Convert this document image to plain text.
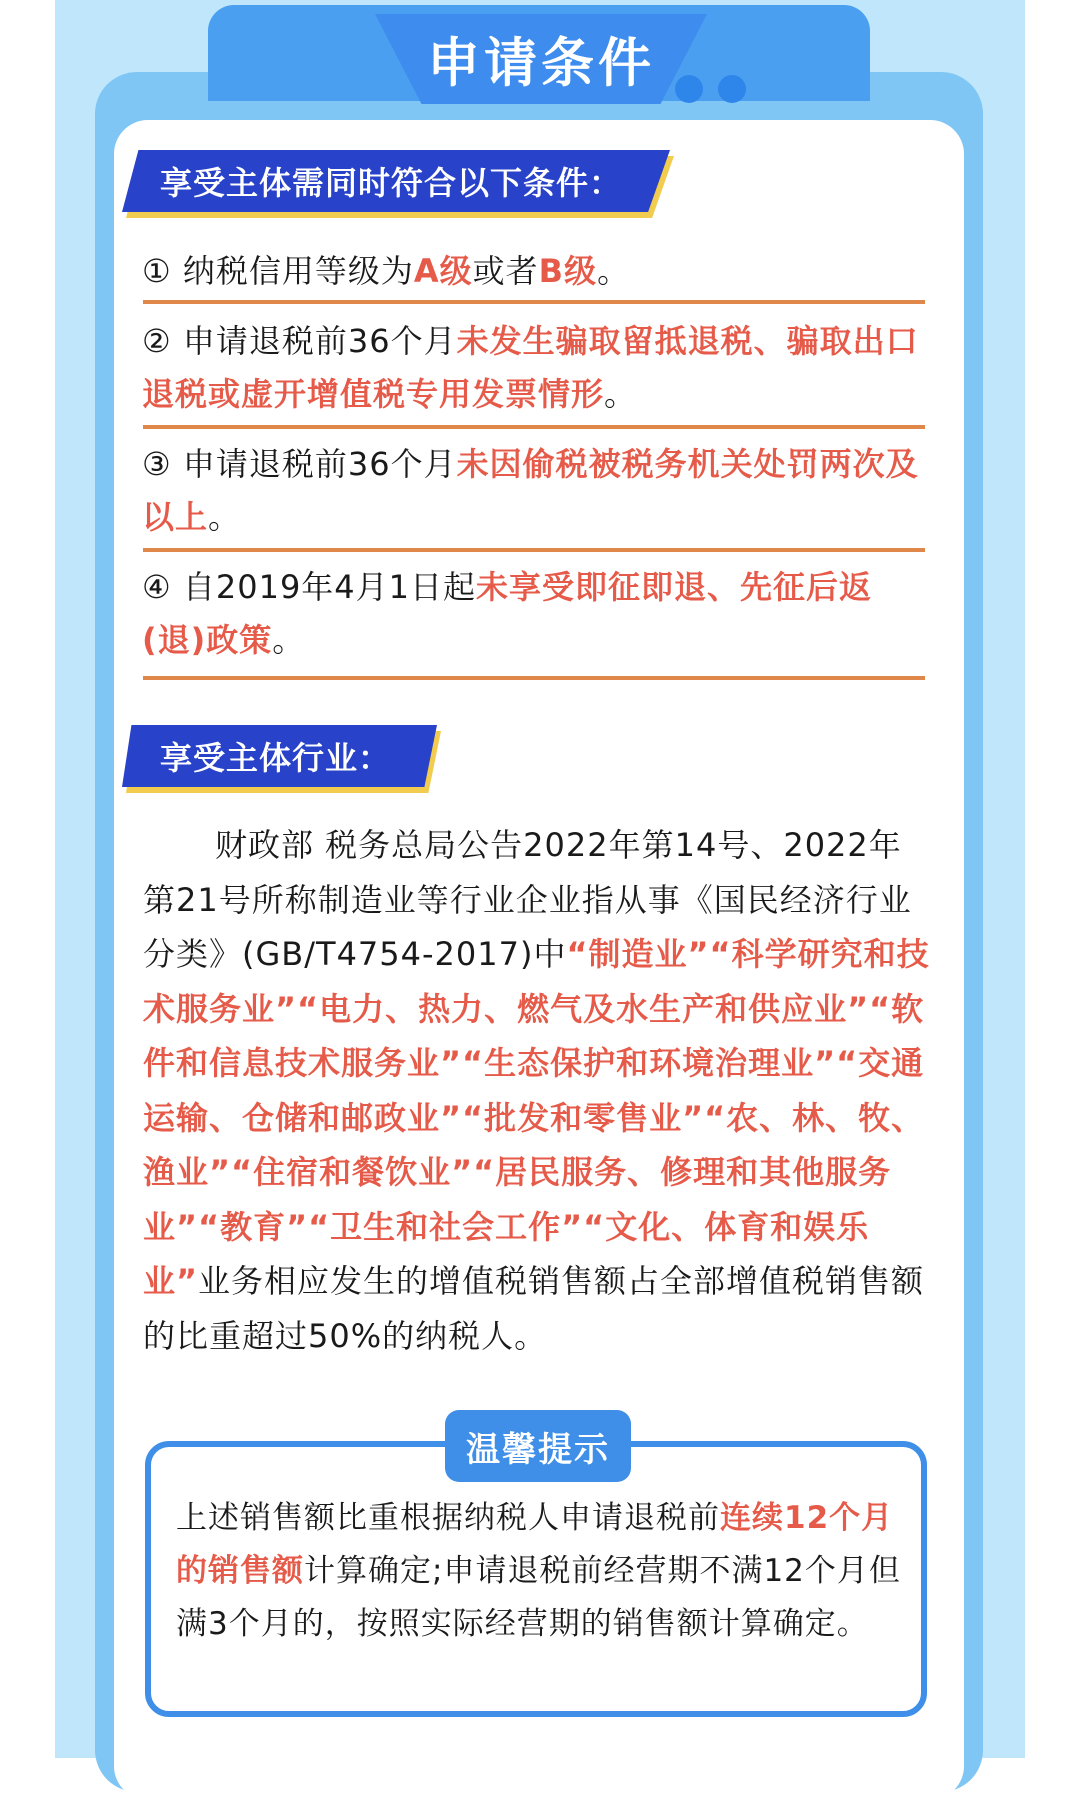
申请条件
享受主体需同时符合以下条件：
① 纳税信用等级为A级或者B级。
② 申请退税前36个月未发生骗取留抵退税、骗取出口退税或虚开增值税专用发票情形。
③ 申请退税前36个月未因偷税被税务机关处罚两次及以上。
④ 自2019年4月1日起未享受即征即退、先征后返(退)政策。
享受主体行业：
财政部 税务总局公告2022年第14号、2022年第21号所称制造业等行业企业指从事《国民经济行业分类》(GB/T4754-2017)中“制造业”“科学研究和技术服务业”“电力、热力、燃气及水生产和供应业”“软件和信息技术服务业”“生态保护和环境治理业”“交通运输、仓储和邮政业”“批发和零售业”“农、林、牧、渔业”“住宿和餐饮业”“居民服务、修理和其他服务业”“教育”“卫生和社会工作”“文化、体育和娱乐业”业务相应发生的增值税销售额占全部增值税销售额的比重超过50%的纳税人。
温馨提示
上述销售额比重根据纳税人申请退税前连续12个月的销售额计算确定;申请退税前经营期不满12个月但满3个月的，按照实际经营期的销售额计算确定。
